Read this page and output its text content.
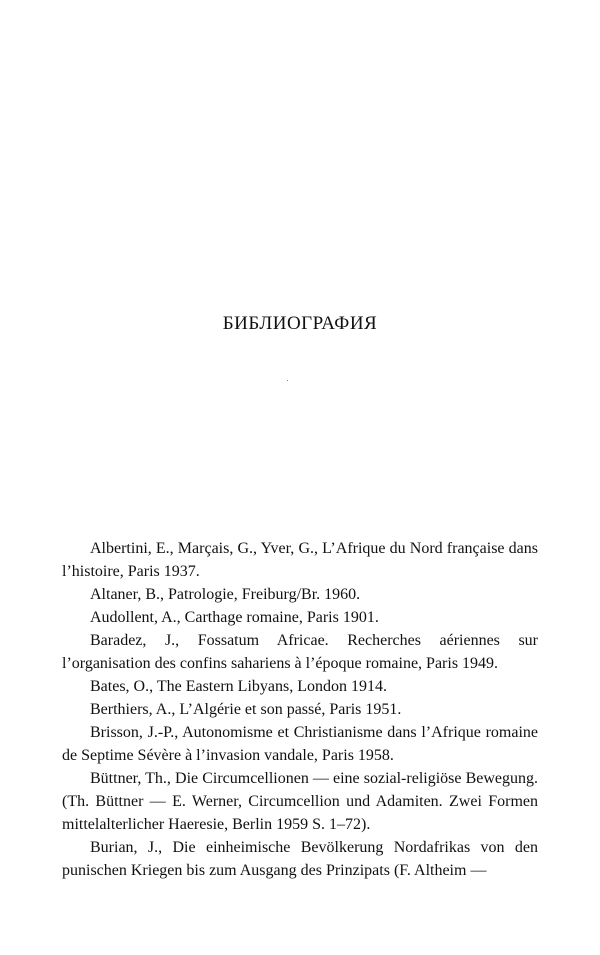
БИБЛИОГРАФИЯ
Albertini, E., Marçais, G., Yver, G., L’Afrique du Nord française dans l’histoire, Paris 1937.
Altaner, B., Patrologie, Freiburg/Br. 1960.
Audollent, A., Carthage romaine, Paris 1901.
Baradez, J., Fossatum Africae. Recherches aériennes sur l’organisation des confins sahariens à l’époque romaine, Paris 1949.
Bates, O., The Eastern Libyans, London 1914.
Berthiers, A., L’Algérie et son passé, Paris 1951.
Brisson, J.-P., Autonomisme et Christianisme dans l’Afrique romaine de Septime Sévère à l’invasion vandale, Paris 1958.
Büttner, Th., Die Circumcellionen — eine sozial-religiöse Bewegung. (Th. Büttner — E. Werner, Circumcellion und Adamiten. Zwei Formen mittelalterlicher Haeresie, Berlin 1959 S. 1–72).
Burian, J., Die einheimische Bevölkerung Nordafrikas von den punischen Kriegen bis zum Ausgang des Prinzipats (F. Altheim —
